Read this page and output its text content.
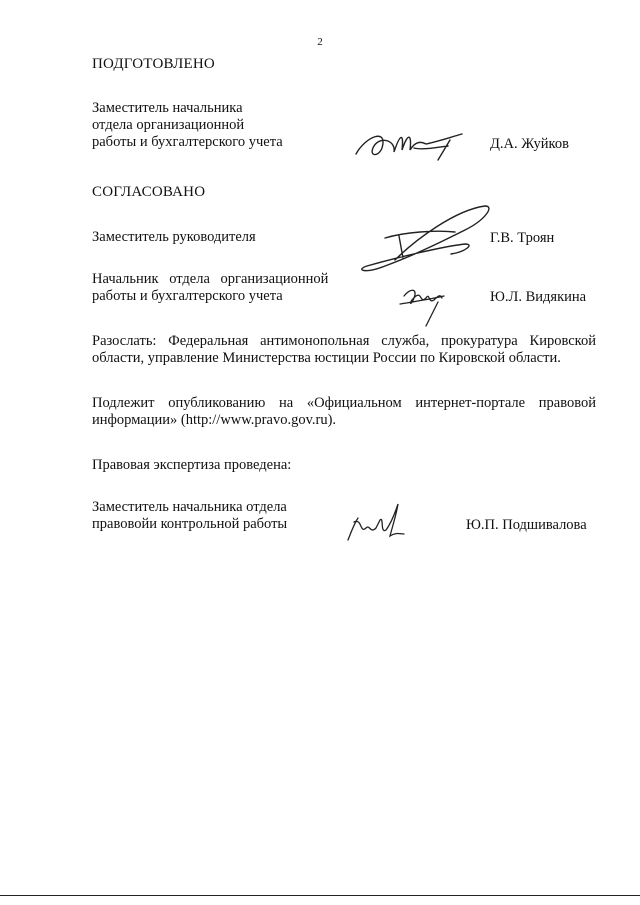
2
ПОДГОТОВЛЕНО
Заместитель начальника
отдела организационной
работы и бухгалтерского учета	Д.А. Жуйков
СОГЛАСОВАНО
Заместитель руководителя	Г.В. Троян
Начальник отдела организационной
работы и бухгалтерского учета	Ю.Л. Видякина
Разослать: Федеральная антимонопольная служба, прокуратура Кировской области, управление Министерства юстиции России по Кировской области.
Подлежит опубликованию на «Официальном интернет-портале правовой информации» (http://www.pravo.gov.ru).
Правовая экспертиза проведена:
Заместитель начальника отдела
правовойи контрольной работы	Ю.П. Подшивалова
